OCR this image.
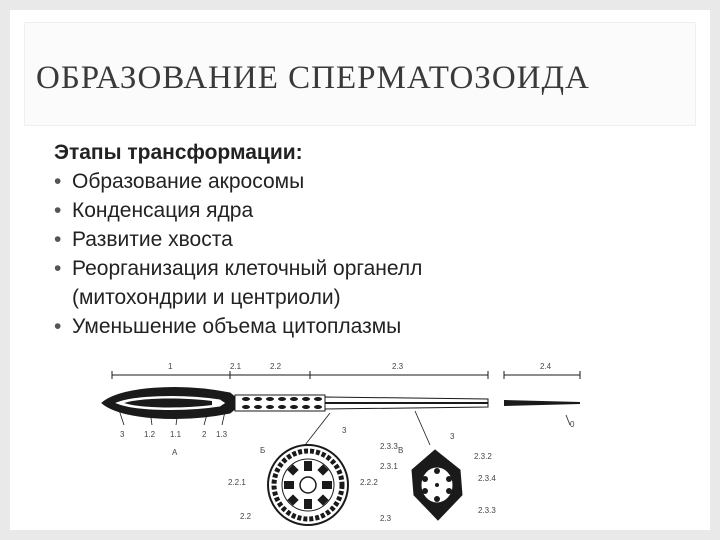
ОБРАЗОВАНИЕ СПЕРМАТОЗОИДА

Этапы трансформации:

• Образование акросомы
• Конденсация ядра
• Развитие хвоста
• Реорганизация клеточный органелл
(митохондрии и центриоли)
• Уменьшение объема цитоплазмы
1	2.1	2.2	2.3	2.4
3 1.2 1.1	2 1.3
А	Б	В
3
3
2.3.3
2.3.1
2.3.2
2.3.4
2.3.3
2.2.1	2.2.2
2.2	2.3
0
